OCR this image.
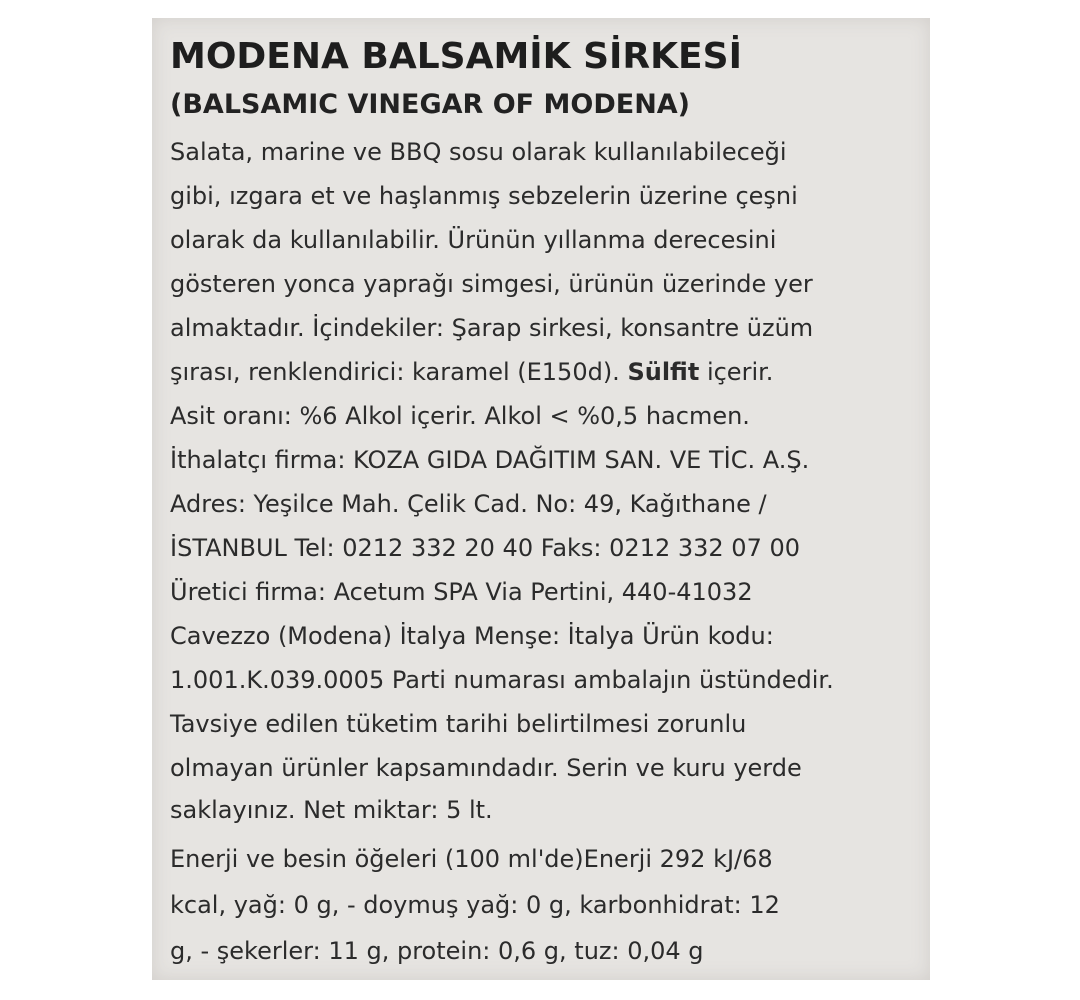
MODENA BALSAMİK SİRKESİ
(BALSAMIC VINEGAR OF MODENA)
Salata, marine ve BBQ sosu olarak kullanılabileceği
gibi, ızgara et ve haşlanmış sebzelerin üzerine çeşni
olarak da kullanılabilir. Ürünün yıllanma derecesini
gösteren yonca yaprağı simgesi, ürünün üzerinde yer
almaktadır. İçindekiler: Şarap sirkesi, konsantre üzüm
şırası, renklendirici: karamel (E150d). Sülfit içerir.
Asit oranı: %6 Alkol içerir. Alkol < %0,5 hacmen.
İthalatçı firma: KOZA GIDA DAĞITIM SAN. VE TİC. A.Ş.
Adres: Yeşilce Mah. Çelik Cad. No: 49, Kağıthane /
İSTANBUL Tel: 0212 332 20 40 Faks: 0212 332 07 00
Üretici firma: Acetum SPA Via Pertini, 440-41032
Cavezzo (Modena) İtalya Menşe: İtalya Ürün kodu:
1.001.K.039.0005 Parti numarası ambalajın üstündedir.
Tavsiye edilen tüketim tarihi belirtilmesi zorunlu
olmayan ürünler kapsamındadır. Serin ve kuru yerde
saklayınız. Net miktar: 5 lt.
Enerji ve besin öğeleri (100 ml'de)Enerji 292 kJ/68
kcal, yağ: 0 g, - doymuş yağ: 0 g, karbonhidrat: 12
g, - şekerler: 11 g, protein: 0,6 g, tuz: 0,04 g
